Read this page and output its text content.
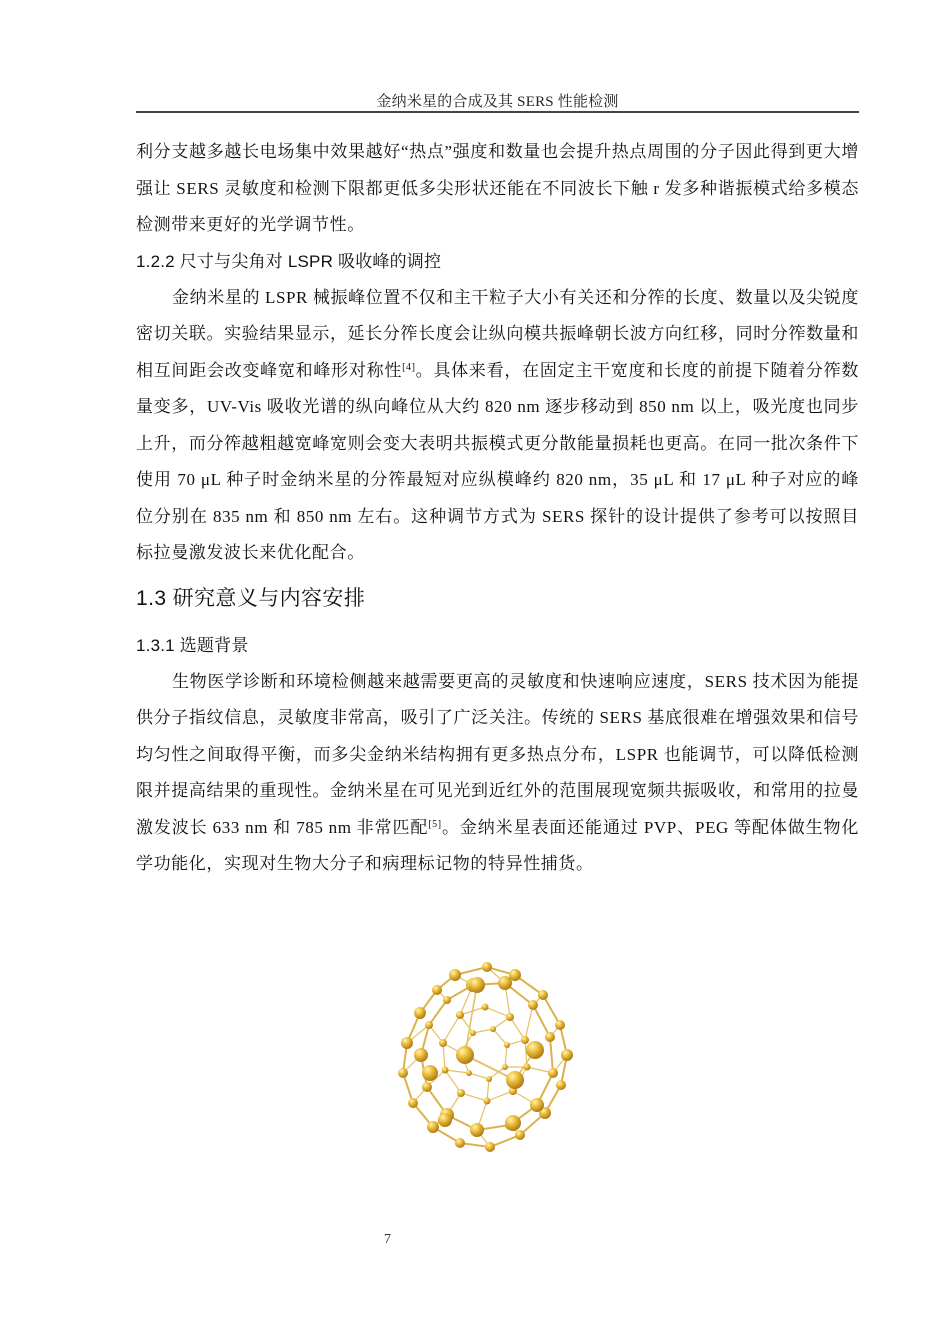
金纳米星的合成及其 SERS 性能检测

利分支越多越长电场集中效果越好“热点”强度和数量也会提升热点周围的分子因此得到更大增强让 SERS 灵敏度和检测下限都更低多尖形状还能在不同波长下触 r 发多种谐振模式给多模态检测带来更好的光学调节性。

1.2.2 尺寸与尖角对 LSPR 吸收峰的调控

金纳米星的 LSPR 械振峰位置不仅和主干粒子大小有关还和分筰的长度、数量以及尖锐度密切关联。实验结果显示，延长分筰长度会让纵向模共振峰朝长波方向红移，同时分筰数量和相互间距会改变峰宽和峰形对称性[4]。具体来看，在固定主干宽度和长度的前提下随着分筰数量变多，UV-Vis 吸收光谱的纵向峰位从大约 820 nm 逐步移动到 850 nm 以上，吸光度也同步上升，而分筰越粗越宽峰宽则会变大表明共振模式更分散能量损耗也更高。在同一批次条件下使用 70 μL 种子时金纳米星的分筰最短对应纵模峰约 820 nm，35 μL 和 17 μL 种子对应的峰位分别在 835 nm 和 850 nm 左右。这种调节方式为 SERS 探针的设计提供了参考可以按照目标拉曼激发波长来优化配合。

1.3 研究意义与内容安排
1.3.1 选题背景

生物医学诊断和环境检侧越来越需要更高的灵敏度和快速响应速度，SERS 技术因为能提供分子指纹信息，灵敏度非常高，吸引了广泛关注。传统的 SERS 基底很难在增强效果和信号均匀性之间取得平衡，而多尖金纳米结构拥有更多热点分布，LSPR 也能调节，可以降低检测限并提高结果的重现性。金纳米星在可见光到近红外的范围展现宽频共振吸收，和常用的拉曼激发波长 633 nm 和 785 nm 非常匹配[5]。金纳米星表面还能通过 PVP、PEG 等配体做生物化学功能化，实现对生物大分子和病理标记物的特异性捕货。

7
